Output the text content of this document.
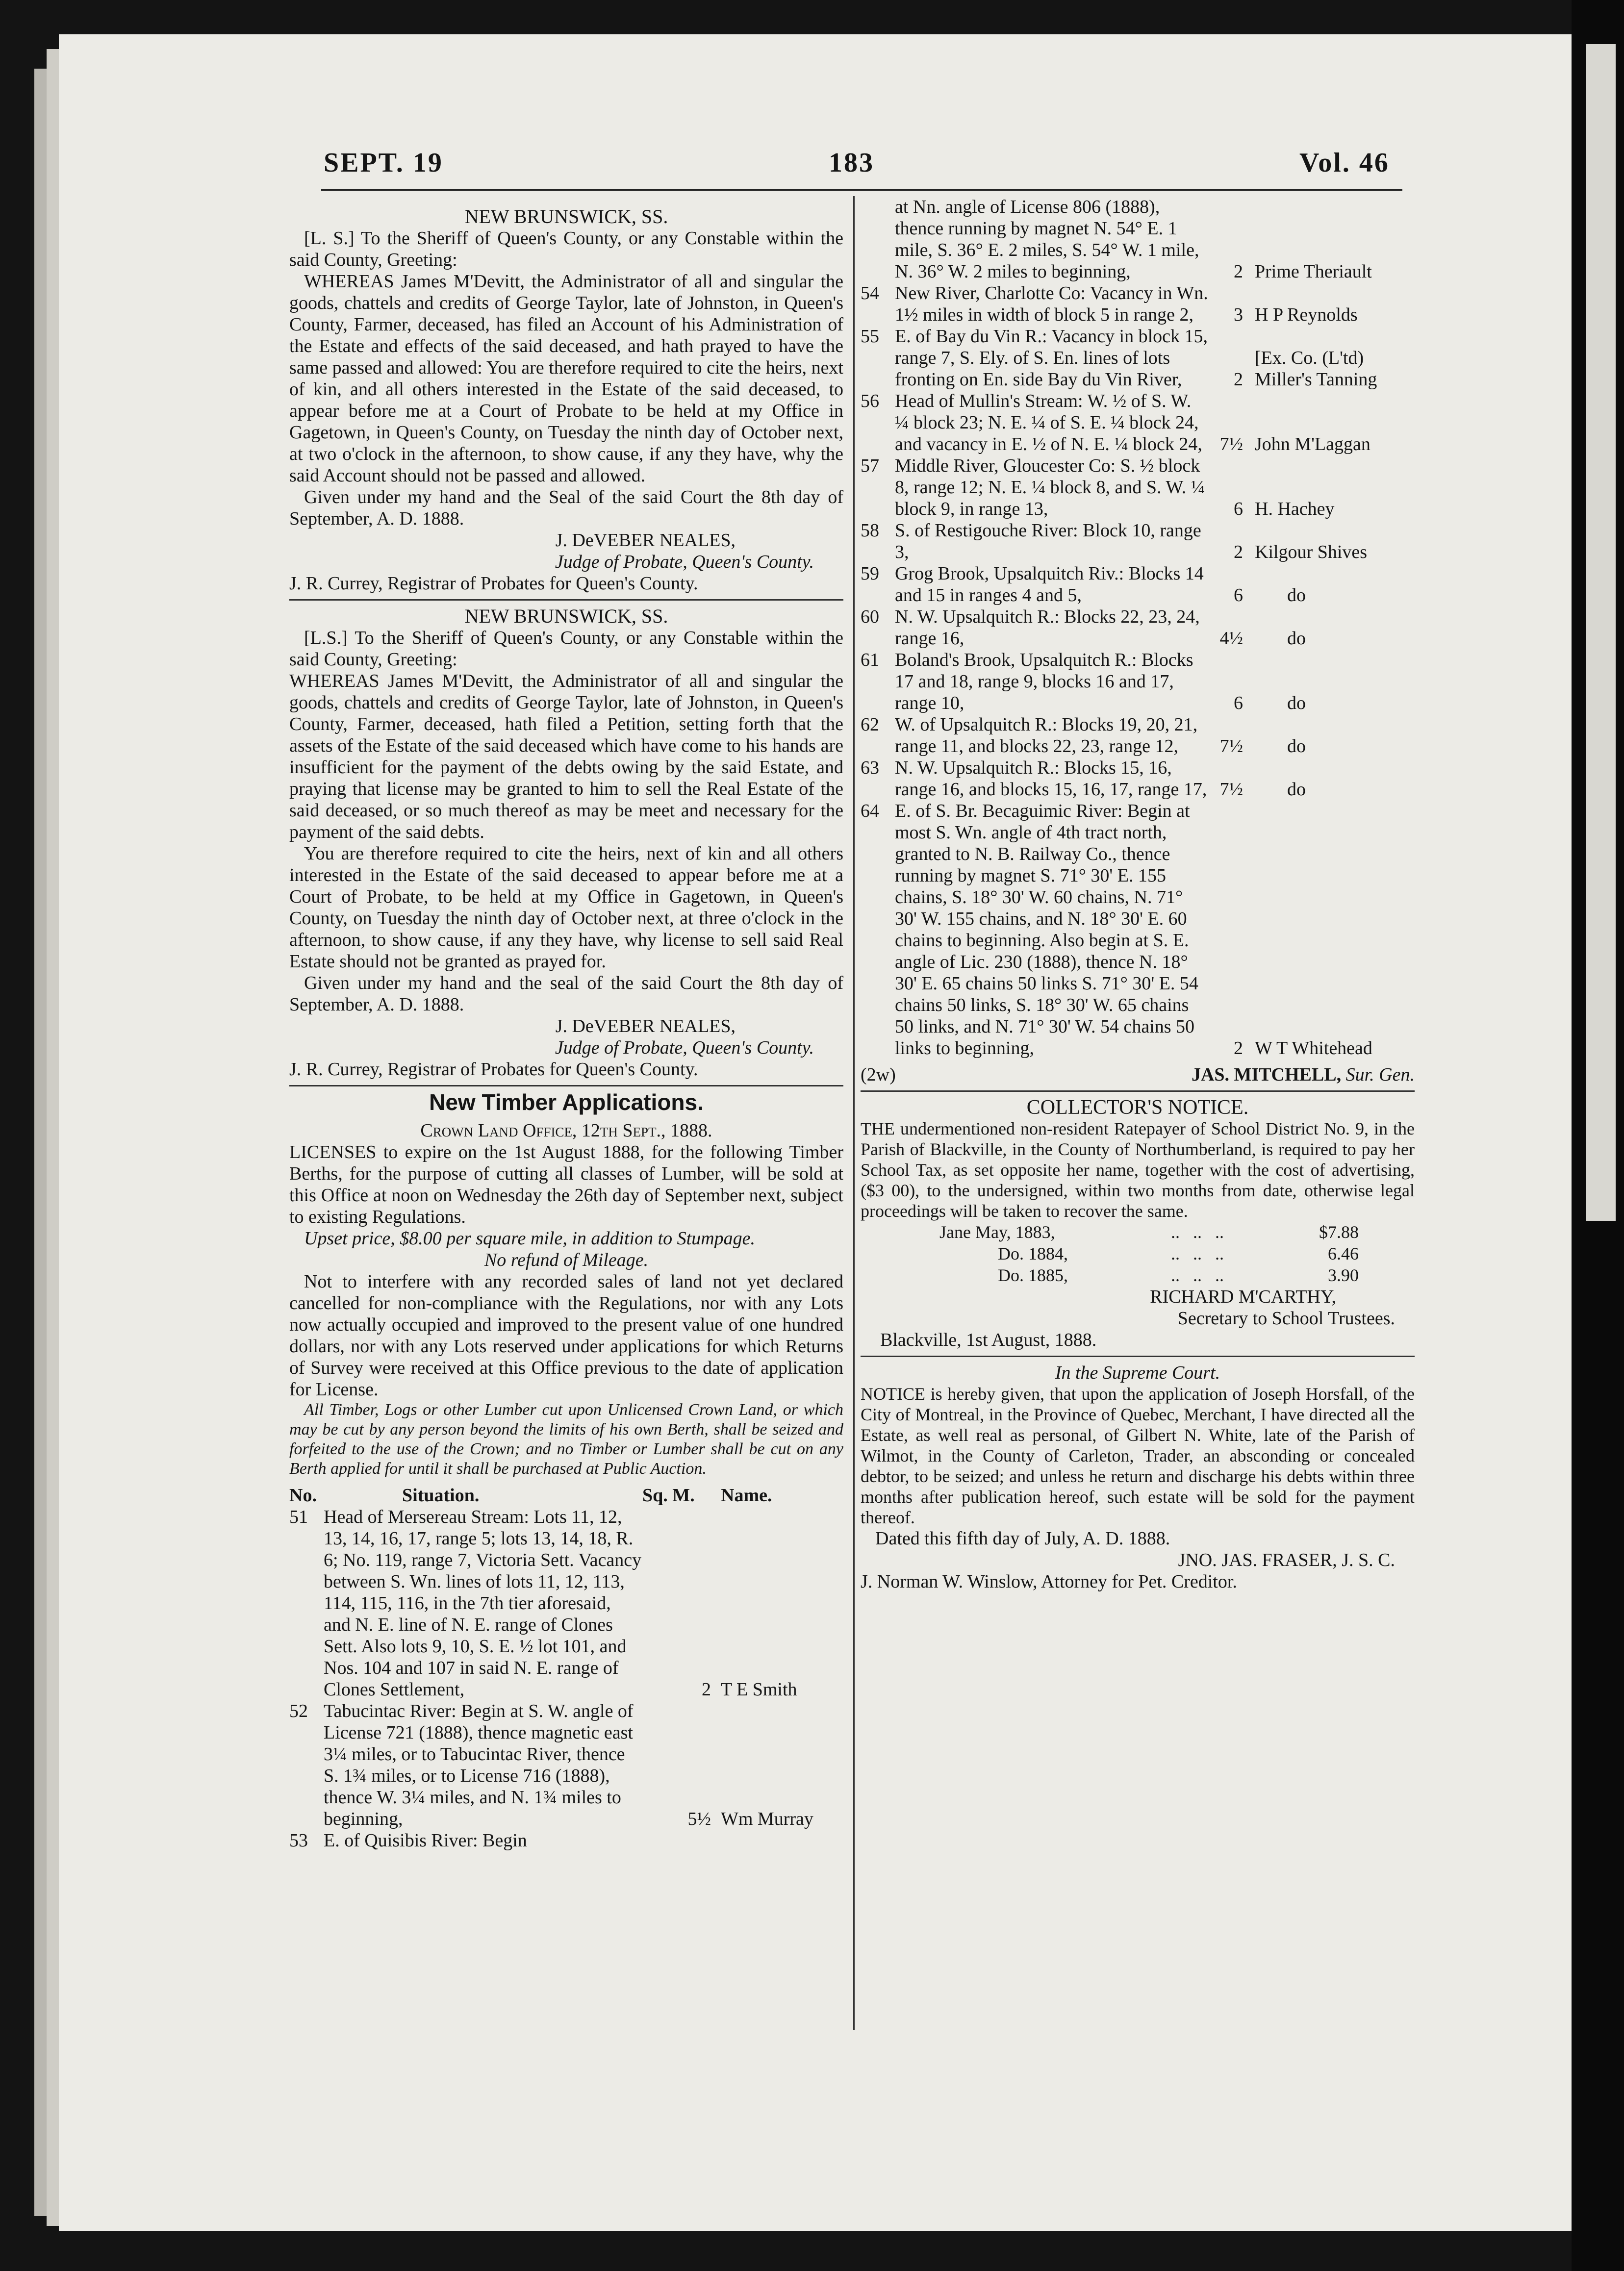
SEPT. 19	183	Vol. 46

NEW BRUNSWICK, SS.

[L. S.] To the Sheriff of Queen's County, or any Constable within the said County, Greeting:

WHEREAS James M'Devitt, the Administrator of all and singular the goods, chattels and credits of George Taylor, late of Johnston, in Queen's County, Farmer, deceased, has filed an Account of his Administration of the Estate and effects of the said deceased, and hath prayed to have the same passed and allowed: You are therefore required to cite the heirs, next of kin, and all others interested in the Estate of the said deceased, to appear before me at a Court of Probate to be held at my Office in Gagetown, in Queen's County, on Tuesday the ninth day of October next, at two o'clock in the afternoon, to show cause, if any they have, why the said Account should not be passed and allowed.

Given under my hand and the Seal of the said Court the 8th day of September, A. D. 1888.

J. DeVEBER NEALES,

Judge of Probate, Queen's County.

J. R. Currey, Registrar of Probates for Queen's County.

NEW BRUNSWICK, SS.

[L.S.] To the Sheriff of Queen's County, or any Constable within the said County, Greeting:

WHEREAS James M'Devitt, the Administrator of all and singular the goods, chattels and credits of George Taylor, late of Johnston, in Queen's County, Farmer, deceased, hath filed a Petition, setting forth that the assets of the Estate of the said deceased which have come to his hands are insufficient for the payment of the debts owing by the said Estate, and praying that license may be granted to him to sell the Real Estate of the said deceased, or so much thereof as may be meet and necessary for the payment of the said debts.

You are therefore required to cite the heirs, next of kin and all others interested in the Estate of the said deceased to appear before me at a Court of Probate, to be held at my Office in Gagetown, in Queen's County, on Tuesday the ninth day of October next, at three o'clock in the afternoon, to show cause, if any they have, why license to sell said Real Estate should not be granted as prayed for.

Given under my hand and the seal of the said Court the 8th day of September, A. D. 1888.

J. DeVEBER NEALES,

Judge of Probate, Queen's County.

J. R. Currey, Registrar of Probates for Queen's County.

New Timber Applications.

Crown Land Office, 12th Sept., 1888.

LICENSES to expire on the 1st August 1888, for the following Timber Berths, for the purpose of cutting all classes of Lumber, will be sold at this Office at noon on Wednesday the 26th day of September next, subject to existing Regulations.

Upset price, $8.00 per square mile, in addition to Stumpage.

No refund of Mileage.

Not to interfere with any recorded sales of land not yet declared cancelled for non-compliance with the Regulations, nor with any Lots now actually occupied and improved to the present value of one hundred dollars, nor with any Lots reserved under applications for which Returns of Survey were received at this Office previous to the date of application for License.

All Timber, Logs or other Lumber cut upon Unlicensed Crown Land, or which may be cut by any person beyond the limits of his own Berth, shall be seized and forfeited to the use of the Crown; and no Timber or Lumber shall be cut on any Berth applied for until it shall be purchased at Public Auction.

No.	Situation.	Sq. M.	Name.
51	Head of Mersereau Stream: Lots 11, 12, 13, 14, 16, 17, range 5; lots 13, 14, 18, R. 6; No. 119, range 7, Victoria Sett. Vacancy between S. Wn. lines of lots 11, 12, 113, 114, 115, 116, in the 7th tier aforesaid, and N. E. line of N. E. range of Clones Sett. Also lots 9, 10, S. E. ½ lot 101, and Nos. 104 and 107 in said N. E. range of Clones Settlement,	2	T E Smith
52	Tabucintac River: Begin at S. W. angle of License 721 (1888), thence magnetic east 3¼ miles, or to Tabucintac River, thence S. 1¾ miles, or to License 716 (1888), thence W. 3¼ miles, and N. 1¾ miles to beginning,	5½	Wm Murray
53	E. of Quisibis River: Begin		
	at Nn. angle of License 806 (1888), thence running by magnet N. 54° E. 1 mile, S. 36° E. 2 miles, S. 54° W. 1 mile, N. 36° W. 2 miles to beginning,	2	Prime Theriault
54	New River, Charlotte Co: Vacancy in Wn. 1½ miles in width of block 5 in range 2,	3	H P Reynolds
55	E. of Bay du Vin R.: Vacancy in block 15, range 7, S. Ely. of S. En. lines of lots fronting on En. side Bay du Vin River,	2	[Ex. Co. (L'td) Miller's Tanning
56	Head of Mullin's Stream: W. ½ of S. W. ¼ block 23; N. E. ¼ of S. E. ¼ block 24, and vacancy in E. ½ of N. E. ¼ block 24,	7½	John M'Laggan
57	Middle River, Gloucester Co: S. ½ block 8, range 12; N. E. ¼ block 8, and S. W. ¼ block 9, in range 13,	6	H. Hachey
58	S. of Restigouche River: Block 10, range 3,	2	Kilgour Shives
59	Grog Brook, Upsalquitch Riv.: Blocks 14 and 15 in ranges 4 and 5,	6	do
60	N. W. Upsalquitch R.: Blocks 22, 23, 24, range 16,	4½	do
61	Boland's Brook, Upsalquitch R.: Blocks 17 and 18, range 9, blocks 16 and 17, range 10,	6	do
62	W. of Upsalquitch R.: Blocks 19, 20, 21, range 11, and blocks 22, 23, range 12,	7½	do
63	N. W. Upsalquitch R.: Blocks 15, 16, range 16, and blocks 15, 16, 17, range 17,	7½	do
64	E. of S. Br. Becaguimic River: Begin at most S. Wn. angle of 4th tract north, granted to N. B. Railway Co., thence running by magnet S. 71° 30' E. 155 chains, S. 18° 30' W. 60 chains, N. 71° 30' W. 155 chains, and N. 18° 30' E. 60 chains to beginning. Also begin at S. E. angle of Lic. 230 (1888), thence N. 18° 30' E. 65 chains 50 links S. 71° 30' E. 54 chains 50 links, S. 18° 30' W. 65 chains 50 links, and N. 71° 30' W. 54 chains 50 links to beginning,	2	W T Whitehead
(2w)	JAS. MITCHELL, Sur. Gen.

COLLECTOR'S NOTICE.

THE undermentioned non-resident Ratepayer of School District No. 9, in the Parish of Blackville, in the County of Northumberland, is required to pay her School Tax, as set opposite her name, together with the cost of advertising, ($3 00), to the undersigned, within two months from date, otherwise legal proceedings will be taken to recover the same.

Jane May, 1883,	..   ..   ..	$7.88
Do. 1884,	..   ..   ..	6.46
Do. 1885,	..   ..   ..	3.90

RICHARD M'CARTHY,

Secretary to School Trustees.

Blackville, 1st August, 1888.

In the Supreme Court.

NOTICE is hereby given, that upon the application of Joseph Horsfall, of the City of Montreal, in the Province of Quebec, Merchant, I have directed all the Estate, as well real as personal, of Gilbert N. White, late of the Parish of Wilmot, in the County of Carleton, Trader, an absconding or concealed debtor, to be seized; and unless he return and discharge his debts within three months after publication hereof, such estate will be sold for the payment thereof.

Dated this fifth day of July, A. D. 1888.

JNO. JAS. FRASER, J. S. C.

J. Norman W. Winslow, Attorney for Pet. Creditor.
